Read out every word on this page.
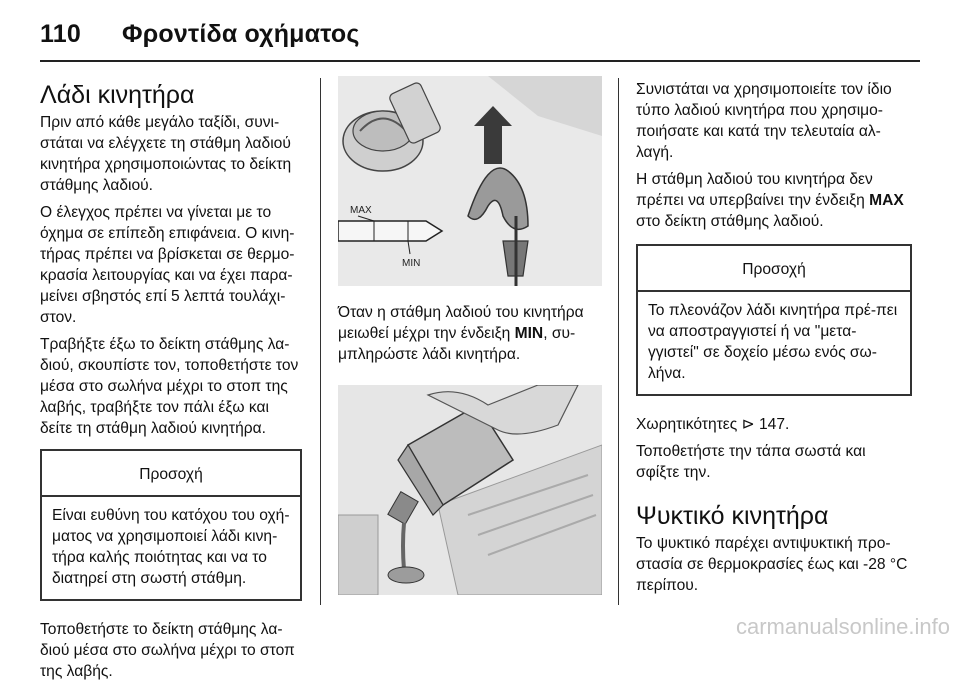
110 Φροντίδα οχήματος
Λάδι κινητήρα

Πριν από κάθε μεγάλο ταξίδι, συνι-στάται να ελέγχετε τη στάθμη λαδιού κινητήρα χρησιμοποιώντας το δείκτη στάθμης λαδιού.

Ο έλεγχος πρέπει να γίνεται με το όχημα σε επίπεδη επιφάνεια. Ο κινη-τήρας πρέπει να βρίσκεται σε θερμο-κρασία λειτουργίας και να έχει παρα-μείνει σβηστός επί 5 λεπτά τουλάχι-στον.

Τραβήξτε έξω το δείκτη στάθμης λα-διού, σκουπίστε τον, τοποθετήστε τον μέσα στο σωλήνα μέχρι το στοπ της λαβής, τραβήξτε τον πάλι έξω και δείτε τη στάθμη λαδιού κινητήρα.

Προσοχή
Είναι ευθύνη του κατόχου του οχή-ματος να χρησιμοποιεί λάδι κινη-τήρα καλής ποιότητας και να το διατηρεί στη σωστή στάθμη.

Τοποθετήστε το δείκτη στάθμης λα-διού μέσα στο σωλήνα μέχρι το στοπ της λαβής.

MAX
MIN

Όταν η στάθμη λαδιού του κινητήρα μειωθεί μέχρι την ένδειξη MIN, συ-μπληρώστε λάδι κινητήρα.

Συνιστάται να χρησιμοποιείτε τον ίδιο τύπο λαδιού κινητήρα που χρησιμο-ποιήσατε και κατά την τελευταία αλ-λαγή.

Η στάθμη λαδιού του κινητήρα δεν πρέπει να υπερβαίνει την ένδειξη MAX στο δείκτη στάθμης λαδιού.

Προσοχή
Το πλεονάζον λάδι κινητήρα πρέ-πει να αποστραγγιστεί ή να "μετα-γγιστεί" σε δοχείο μέσω ενός σω-λήνα.

Χωρητικότητες ⊳ 147.

Τοποθετήστε την τάπα σωστά και σφίξτε την.

Ψυκτικό κινητήρα

Το ψυκτικό παρέχει αντιψυκτική προ-στασία σε θερμοκρασίες έως και -28 °C περίπου.

carmanualsonline.info
